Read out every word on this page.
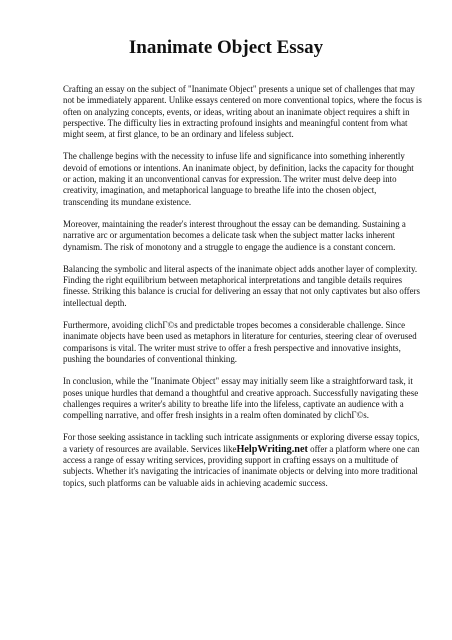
Inanimate Object Essay

Crafting an essay on the subject of "Inanimate Object" presents a unique set of challenges that may not be immediately apparent. Unlike essays centered on more conventional topics, where the focus is often on analyzing concepts, events, or ideas, writing about an inanimate object requires a shift in perspective. The difficulty lies in extracting profound insights and meaningful content from what might seem, at first glance, to be an ordinary and lifeless subject.

The challenge begins with the necessity to infuse life and significance into something inherently devoid of emotions or intentions. An inanimate object, by definition, lacks the capacity for thought or action, making it an unconventional canvas for expression. The writer must delve deep into creativity, imagination, and metaphorical language to breathe life into the chosen object, transcending its mundane existence.

Moreover, maintaining the reader's interest throughout the essay can be demanding. Sustaining a narrative arc or argumentation becomes a delicate task when the subject matter lacks inherent dynamism. The risk of monotony and a struggle to engage the audience is a constant concern.

Balancing the symbolic and literal aspects of the inanimate object adds another layer of complexity. Finding the right equilibrium between metaphorical interpretations and tangible details requires finesse. Striking this balance is crucial for delivering an essay that not only captivates but also offers intellectual depth.

Furthermore, avoiding clichГ©s and predictable tropes becomes a considerable challenge. Since inanimate objects have been used as metaphors in literature for centuries, steering clear of overused comparisons is vital. The writer must strive to offer a fresh perspective and innovative insights, pushing the boundaries of conventional thinking.

In conclusion, while the "Inanimate Object" essay may initially seem like a straightforward task, it poses unique hurdles that demand a thoughtful and creative approach. Successfully navigating these challenges requires a writer's ability to breathe life into the lifeless, captivate an audience with a compelling narrative, and offer fresh insights in a realm often dominated by clichГ©s.

For those seeking assistance in tackling such intricate assignments or exploring diverse essay topics, a variety of resources are available. Services likeHelpWriting.net offer a platform where one can access a range of essay writing services, providing support in crafting essays on a multitude of subjects. Whether it's navigating the intricacies of inanimate objects or delving into more traditional topics, such platforms can be valuable aids in achieving academic success.
